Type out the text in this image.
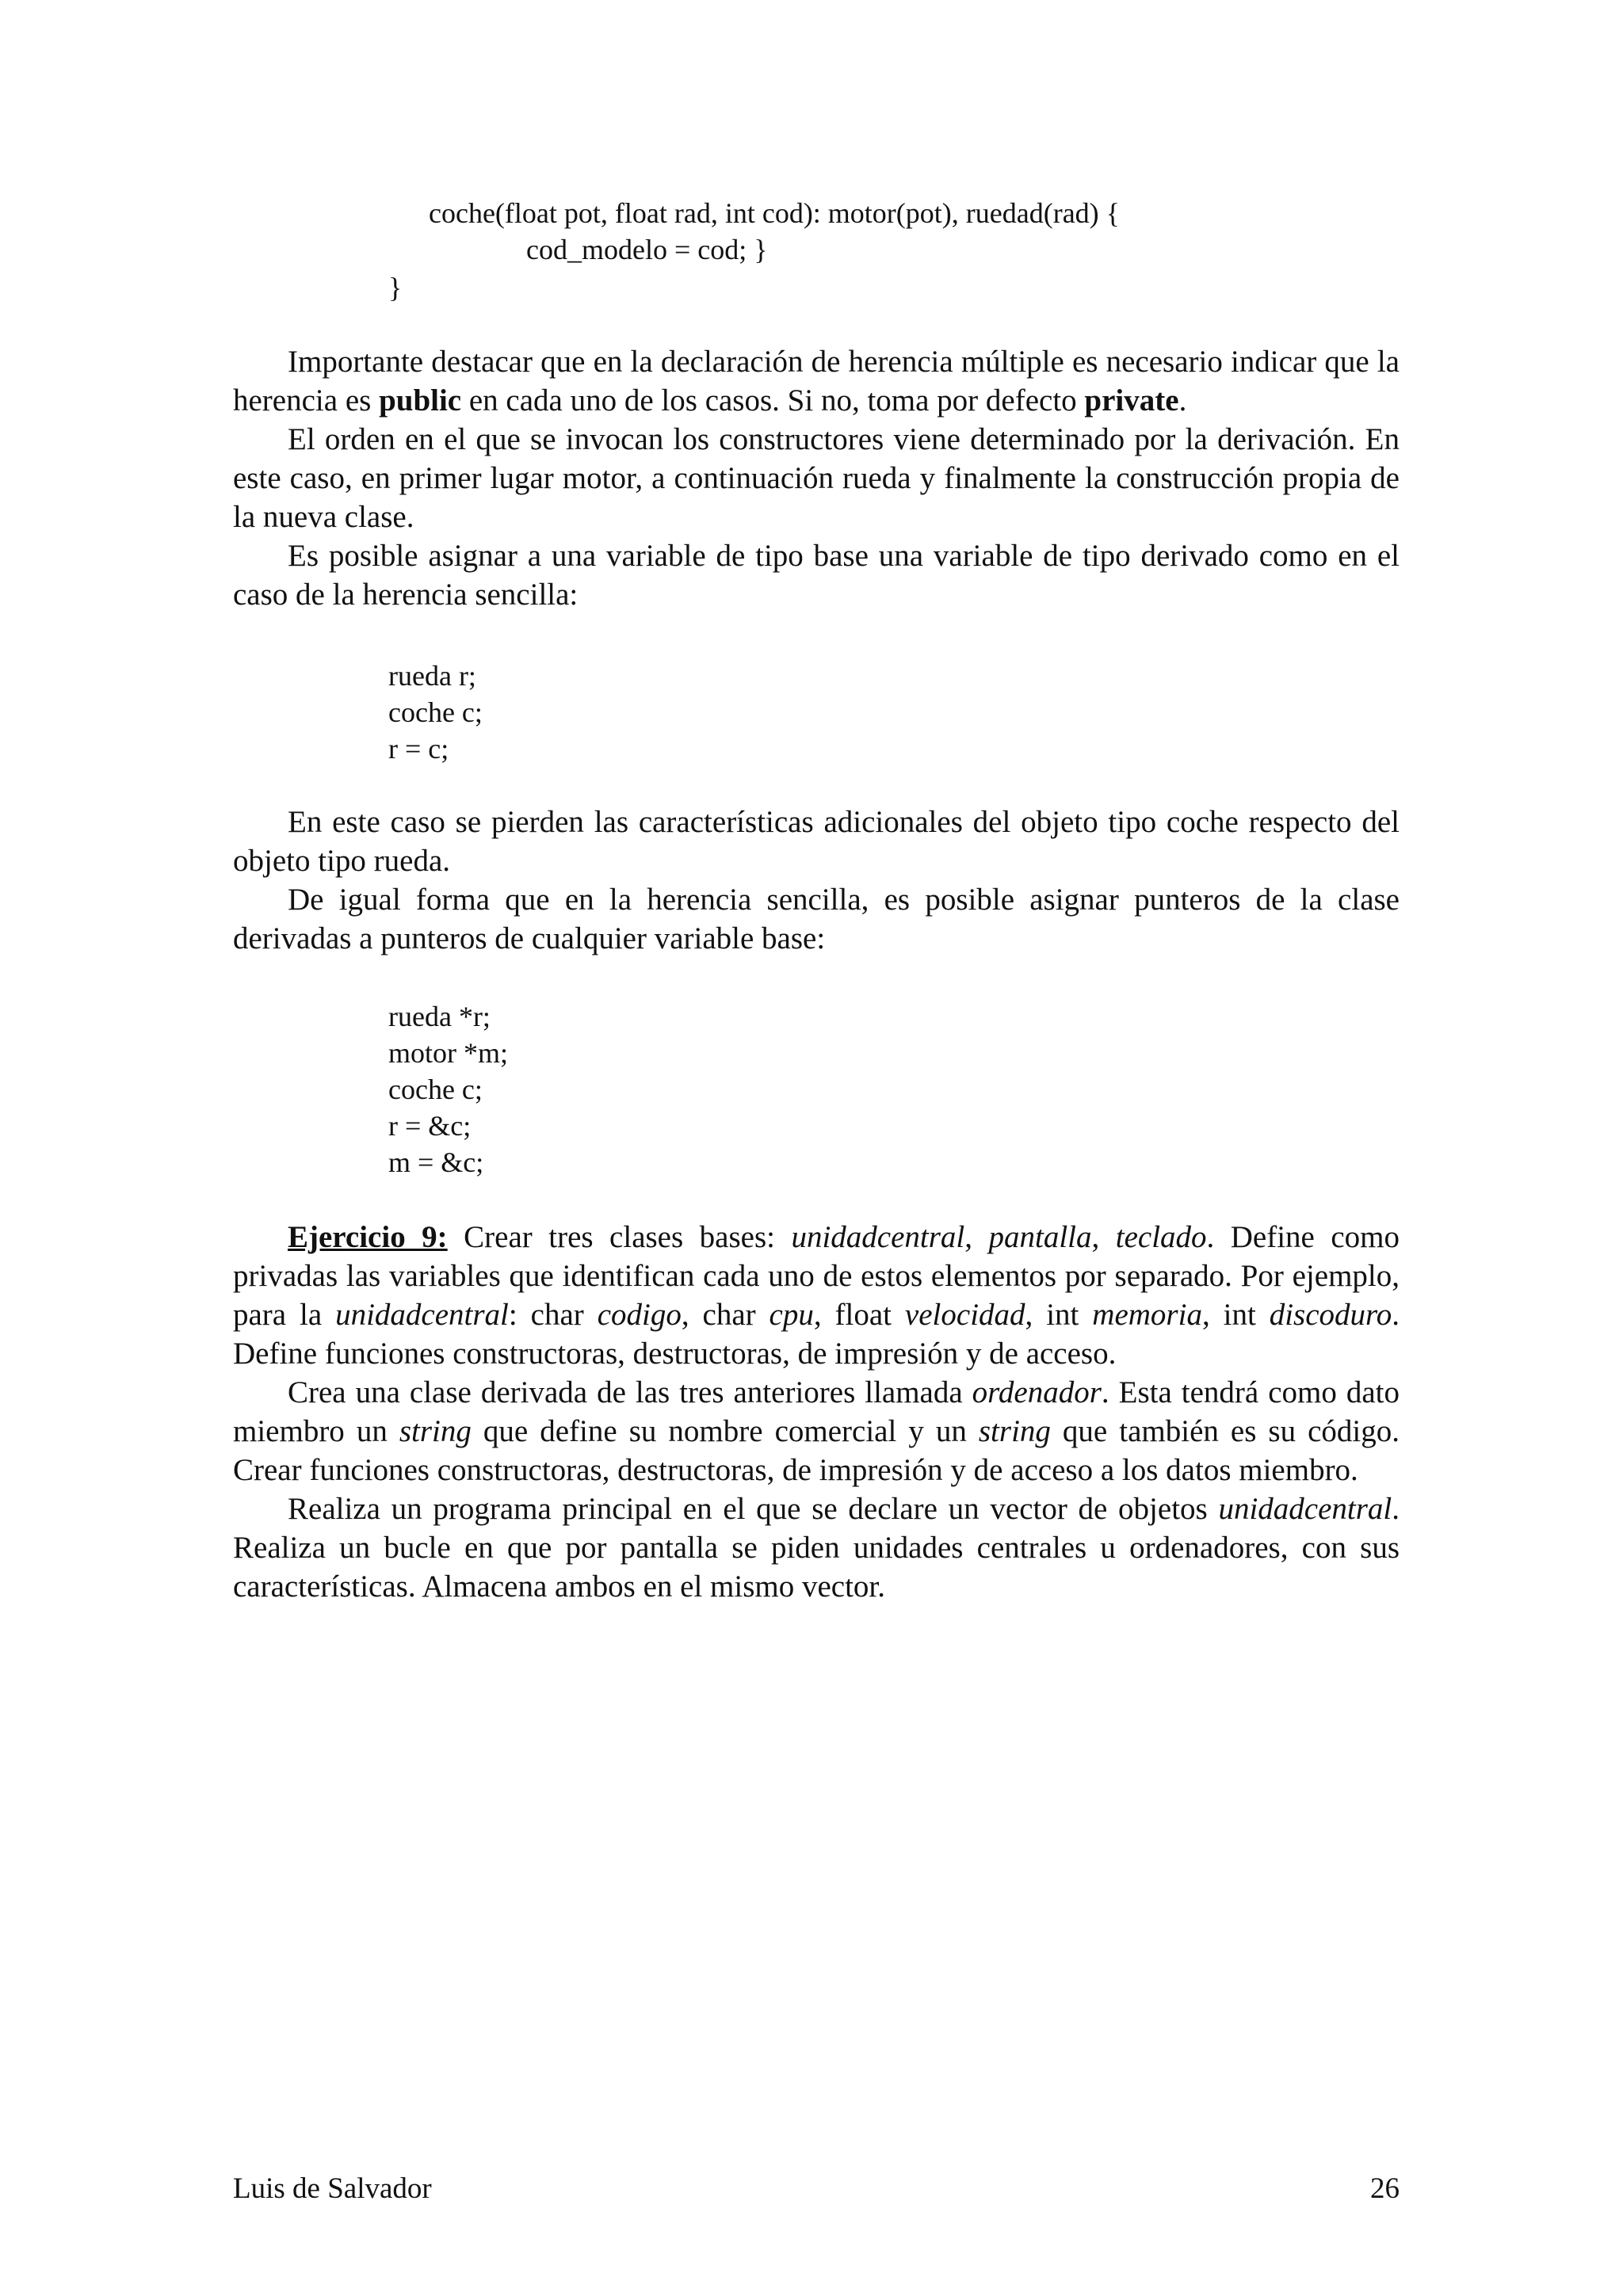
coche(float pot, float rad, int cod): motor(pot), ruedad(rad) {
cod_modelo = cod; }
}

Importante destacar que en la declaración de herencia múltiple es necesario indicar que la herencia es public en cada uno de los casos. Si no, toma por defecto private.

El orden en el que se invocan los constructores viene determinado por la derivación. En este caso, en primer lugar motor, a continuación rueda y finalmente la construcción propia de la nueva clase.

Es posible asignar a una variable de tipo base una variable de tipo derivado como en el caso de la herencia sencilla:

rueda r;
coche c;
r = c;

En este caso se pierden las características adicionales del objeto tipo coche respecto del objeto tipo rueda.

De igual forma que en la herencia sencilla, es posible asignar punteros de la clase derivadas a punteros de cualquier variable base:

rueda *r;
motor *m;
coche c;
r = &c;
m = &c;

Ejercicio 9: Crear tres clases bases: unidadcentral, pantalla, teclado. Define como privadas las variables que identifican cada uno de estos elementos por separado. Por ejemplo, para la unidadcentral: char codigo, char cpu, float velocidad, int memoria, int discoduro. Define funciones constructoras, destructoras, de impresión y de acceso.

Crea una clase derivada de las tres anteriores llamada ordenador. Esta tendrá como dato miembro un string que define su nombre comercial y un string que también es su código. Crear funciones constructoras, destructoras, de impresión y de acceso a los datos miembro.

Realiza un programa principal en el que se declare un vector de objetos unidadcentral. Realiza un bucle en que por pantalla se piden unidades centrales u ordenadores, con sus características. Almacena ambos en el mismo vector.

Luis de Salvador	26
